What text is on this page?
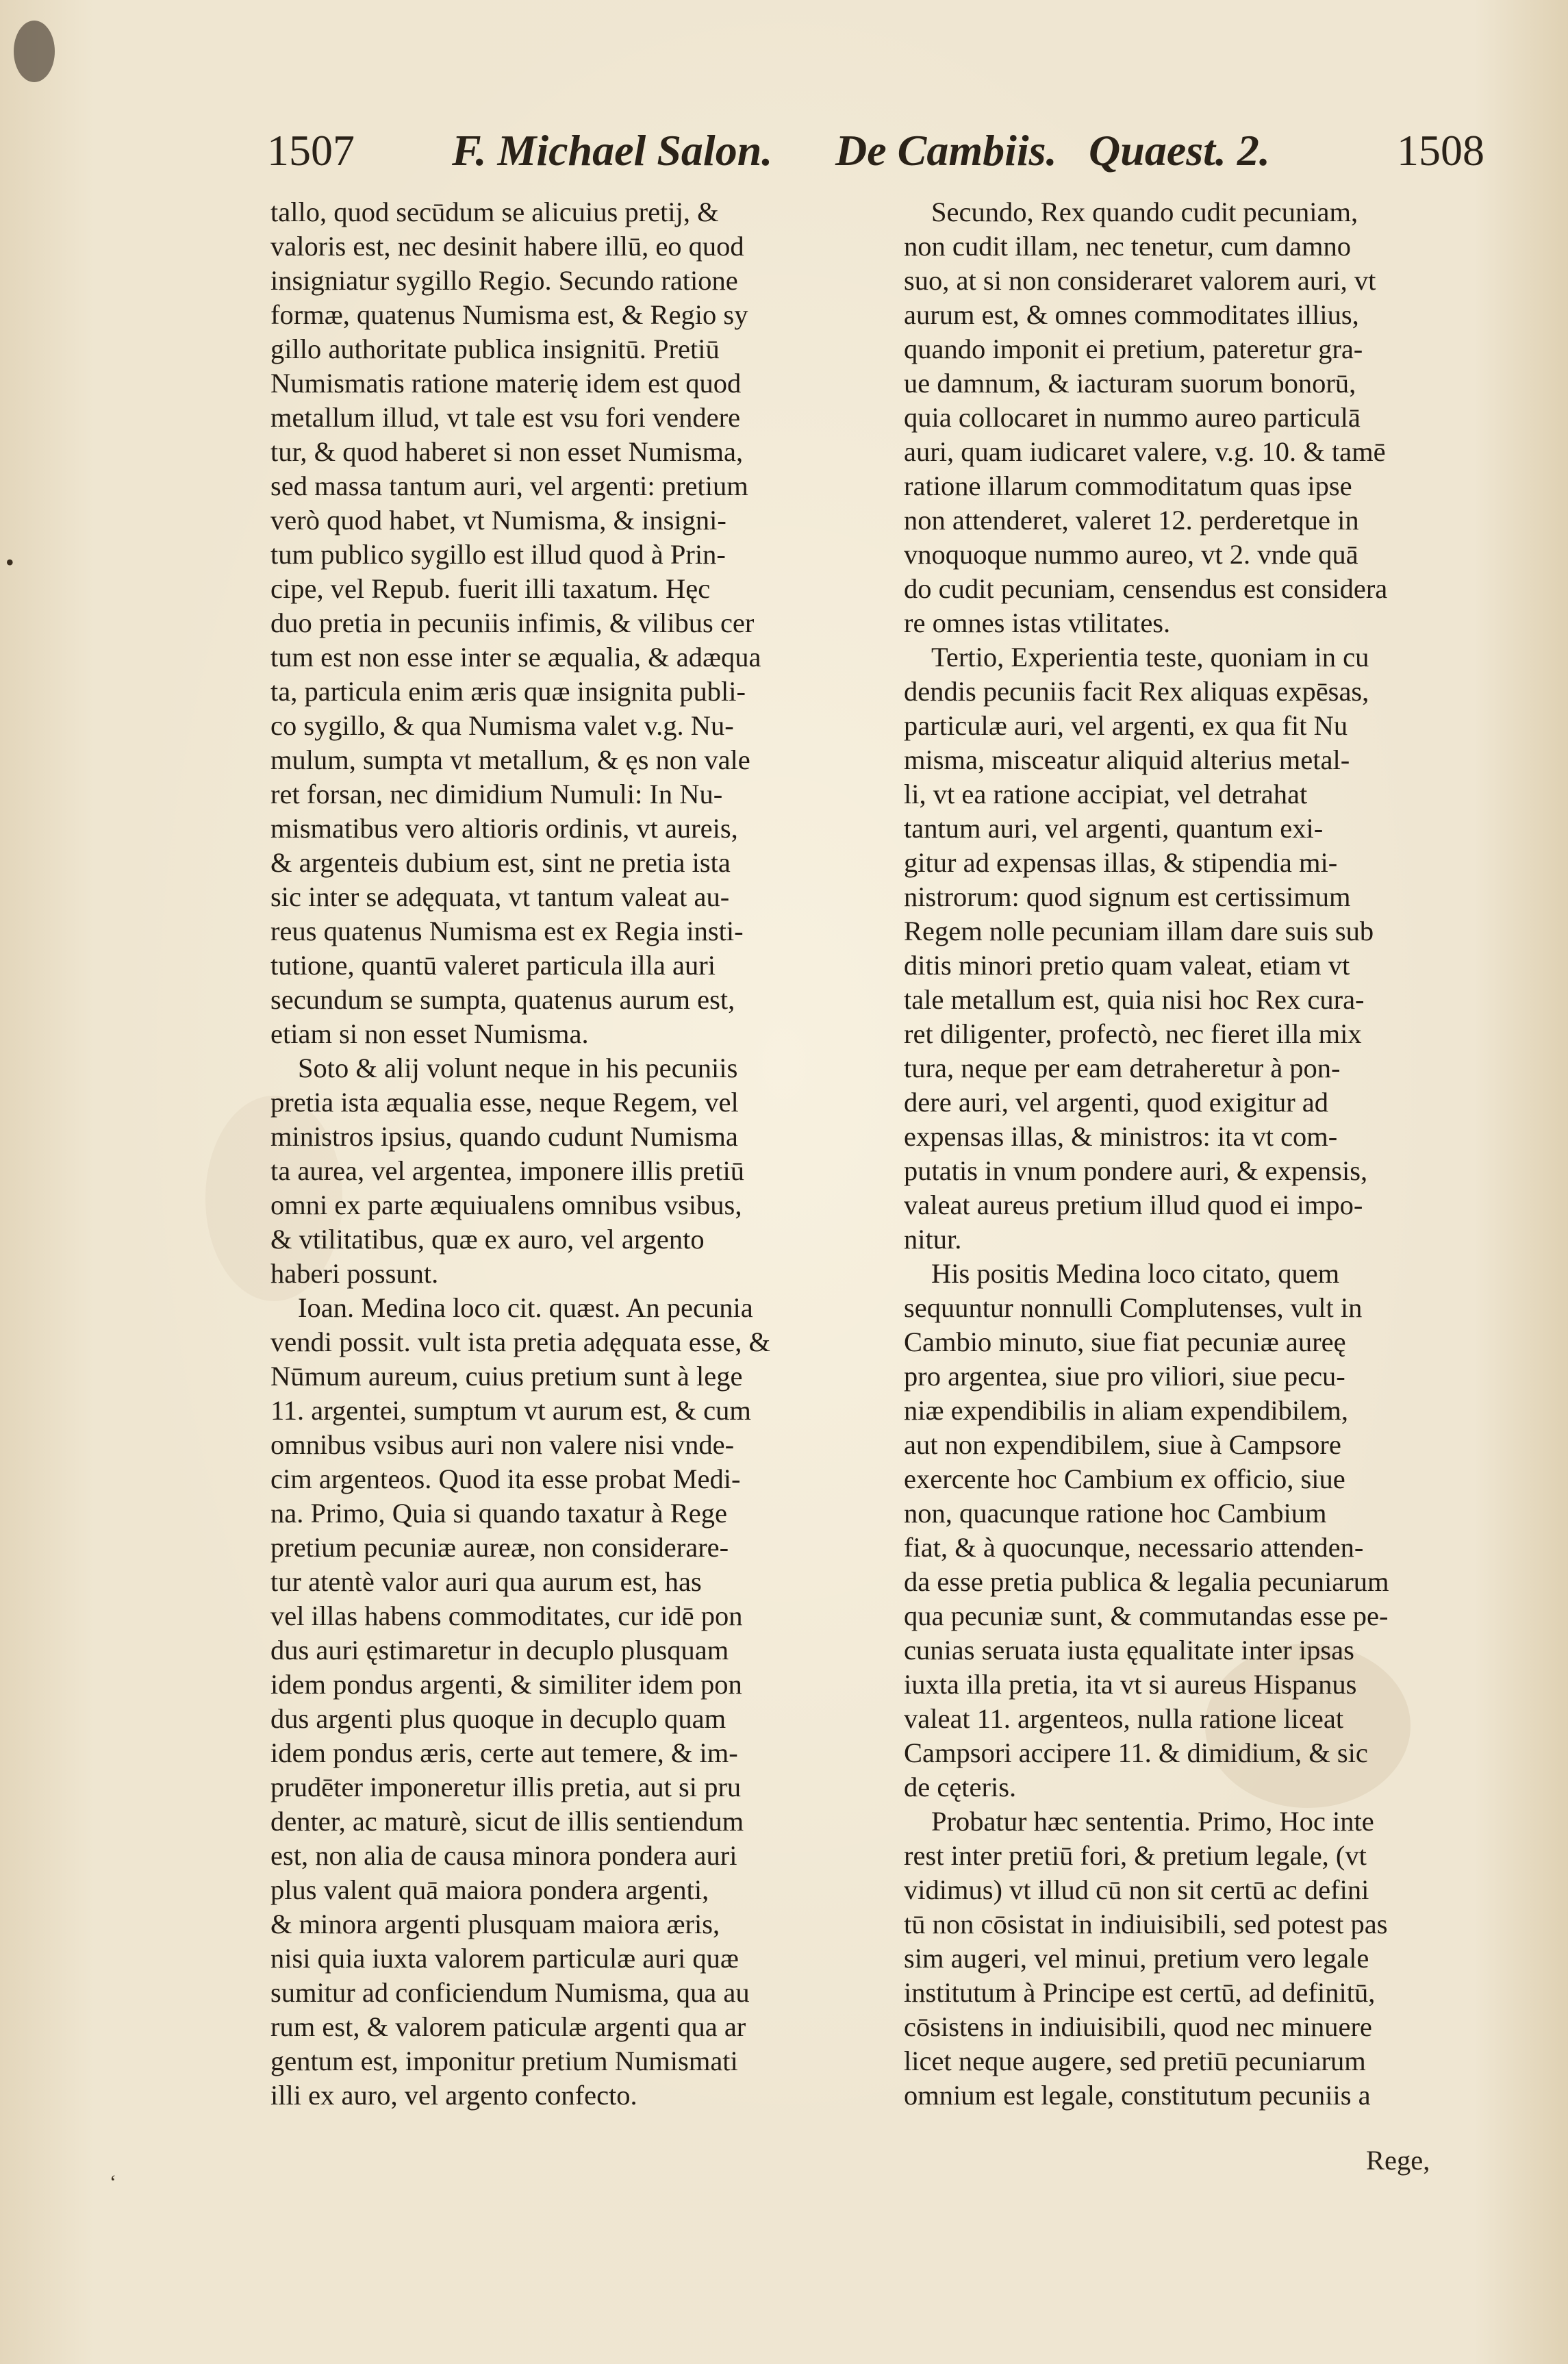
•
‘
1507 F. Michael Salon. De Cambiis. Quaest. 2.	1508
tallo, quod secūdum se alicuius pretij, &
valoris est, nec desinit habere illū, eo quod
insigniatur sygillo Regio. Secundo ratione
formæ, quatenus Numisma est, & Regio sy
gillo authoritate publica insignitū. Pretiū
Numismatis ratione materię idem est quod
metallum illud, vt tale est vsu fori vendere
tur, & quod haberet si non esset Numisma,
sed massa tantum auri, vel argenti: pretium
verò quod habet, vt Numisma, & insigni-
tum publico sygillo est illud quod à Prin-
cipe, vel Repub. fuerit illi taxatum. Hęc
duo pretia in pecuniis infimis, & vilibus cer
tum est non esse inter se æqualia, & adæqua
ta, particula enim æris quæ insignita publi-
co sygillo, & qua Numisma valet v.g. Nu-
mulum, sumpta vt metallum, & ęs non vale
ret forsan, nec dimidium Numuli: In Nu-
mismatibus vero altioris ordinis, vt aureis,
& argenteis dubium est, sint ne pretia ista
sic inter se adęquata, vt tantum valeat au-
reus quatenus Numisma est ex Regia insti-
tutione, quantū valeret particula illa auri
secundum se sumpta, quatenus aurum est,
etiam si non esset Numisma.
Soto & alij volunt neque in his pecuniis
pretia ista æqualia esse, neque Regem, vel
ministros ipsius, quando cudunt Numisma
ta aurea, vel argentea, imponere illis pretiū
omni ex parte æquiualens omnibus vsibus,
& vtilitatibus, quæ ex auro, vel argento
haberi possunt.
Ioan. Medina loco cit. quæst. An pecunia
vendi possit. vult ista pretia adęquata esse, &
Nūmum aureum, cuius pretium sunt à lege
11. argentei, sumptum vt aurum est, & cum
omnibus vsibus auri non valere nisi vnde-
cim argenteos. Quod ita esse probat Medi-
na. Primo, Quia si quando taxatur à Rege
pretium pecuniæ aureæ, non considerare-
tur atentè valor auri qua aurum est, has
vel illas habens commoditates, cur idē pon
dus auri ęstimaretur in decuplo plusquam
idem pondus argenti, & similiter idem pon
dus argenti plus quoque in decuplo quam
idem pondus æris, certe aut temere, & im-
prudēter imponeretur illis pretia, aut si pru
denter, ac maturè, sicut de illis sentiendum
est, non alia de causa minora pondera auri
plus valent quā maiora pondera argenti,
& minora argenti plusquam maiora æris,
nisi quia iuxta valorem particulæ auri quæ
sumitur ad conficiendum Numisma, qua au
rum est, & valorem paticulæ argenti qua ar
gentum est, imponitur pretium Numismati
illi ex auro, vel argento confecto.
Secundo, Rex quando cudit pecuniam,
non cudit illam, nec tenetur, cum damno
suo, at si non consideraret valorem auri, vt
aurum est, & omnes commoditates illius,
quando imponit ei pretium, pateretur gra-
ue damnum, & iacturam suorum bonorū,
quia collocaret in nummo aureo particulā
auri, quam iudicaret valere, v.g. 10. & tamē
ratione illarum commoditatum quas ipse
non attenderet, valeret 12. perderetque in
vnoquoque nummo aureo, vt 2. vnde quā
do cudit pecuniam, censendus est considera
re omnes istas vtilitates.
Tertio, Experientia teste, quoniam in cu
dendis pecuniis facit Rex aliquas expēsas,
particulæ auri, vel argenti, ex qua fit Nu
misma, misceatur aliquid alterius metal-
li, vt ea ratione accipiat, vel detrahat
tantum auri, vel argenti, quantum exi-
gitur ad expensas illas, & stipendia mi-
nistrorum: quod signum est certissimum
Regem nolle pecuniam illam dare suis sub
ditis minori pretio quam valeat, etiam vt
tale metallum est, quia nisi hoc Rex cura-
ret diligenter, profectò, nec fieret illa mix
tura, neque per eam detraheretur à pon-
dere auri, vel argenti, quod exigitur ad
expensas illas, & ministros: ita vt com-
putatis in vnum pondere auri, & expensis,
valeat aureus pretium illud quod ei impo-
nitur.
His positis Medina loco citato, quem
sequuntur nonnulli Complutenses, vult in
Cambio minuto, siue fiat pecuniæ aureę
pro argentea, siue pro viliori, siue pecu-
niæ expendibilis in aliam expendibilem,
aut non expendibilem, siue à Campsore
exercente hoc Cambium ex officio, siue
non, quacunque ratione hoc Cambium
fiat, & à quocunque, necessario attenden-
da esse pretia publica & legalia pecuniarum
qua pecuniæ sunt, & commutandas esse pe-
cunias seruata iusta ęqualitate inter ipsas
iuxta illa pretia, ita vt si aureus Hispanus
valeat 11. argenteos, nulla ratione liceat
Campsori accipere 11. & dimidium, & sic
de cęteris.
Probatur hæc sententia. Primo, Hoc inte
rest inter pretiū fori, & pretium legale, (vt
vidimus) vt illud cū non sit certū ac defini
tū non cōsistat in indiuisibili, sed potest pas
sim augeri, vel minui, pretium vero legale
institutum à Principe est certū, ad definitū,
cōsistens in indiuisibili, quod nec minuere
licet neque augere, sed pretiū pecuniarum
omnium est legale, constitutum pecuniis a
Rege,
